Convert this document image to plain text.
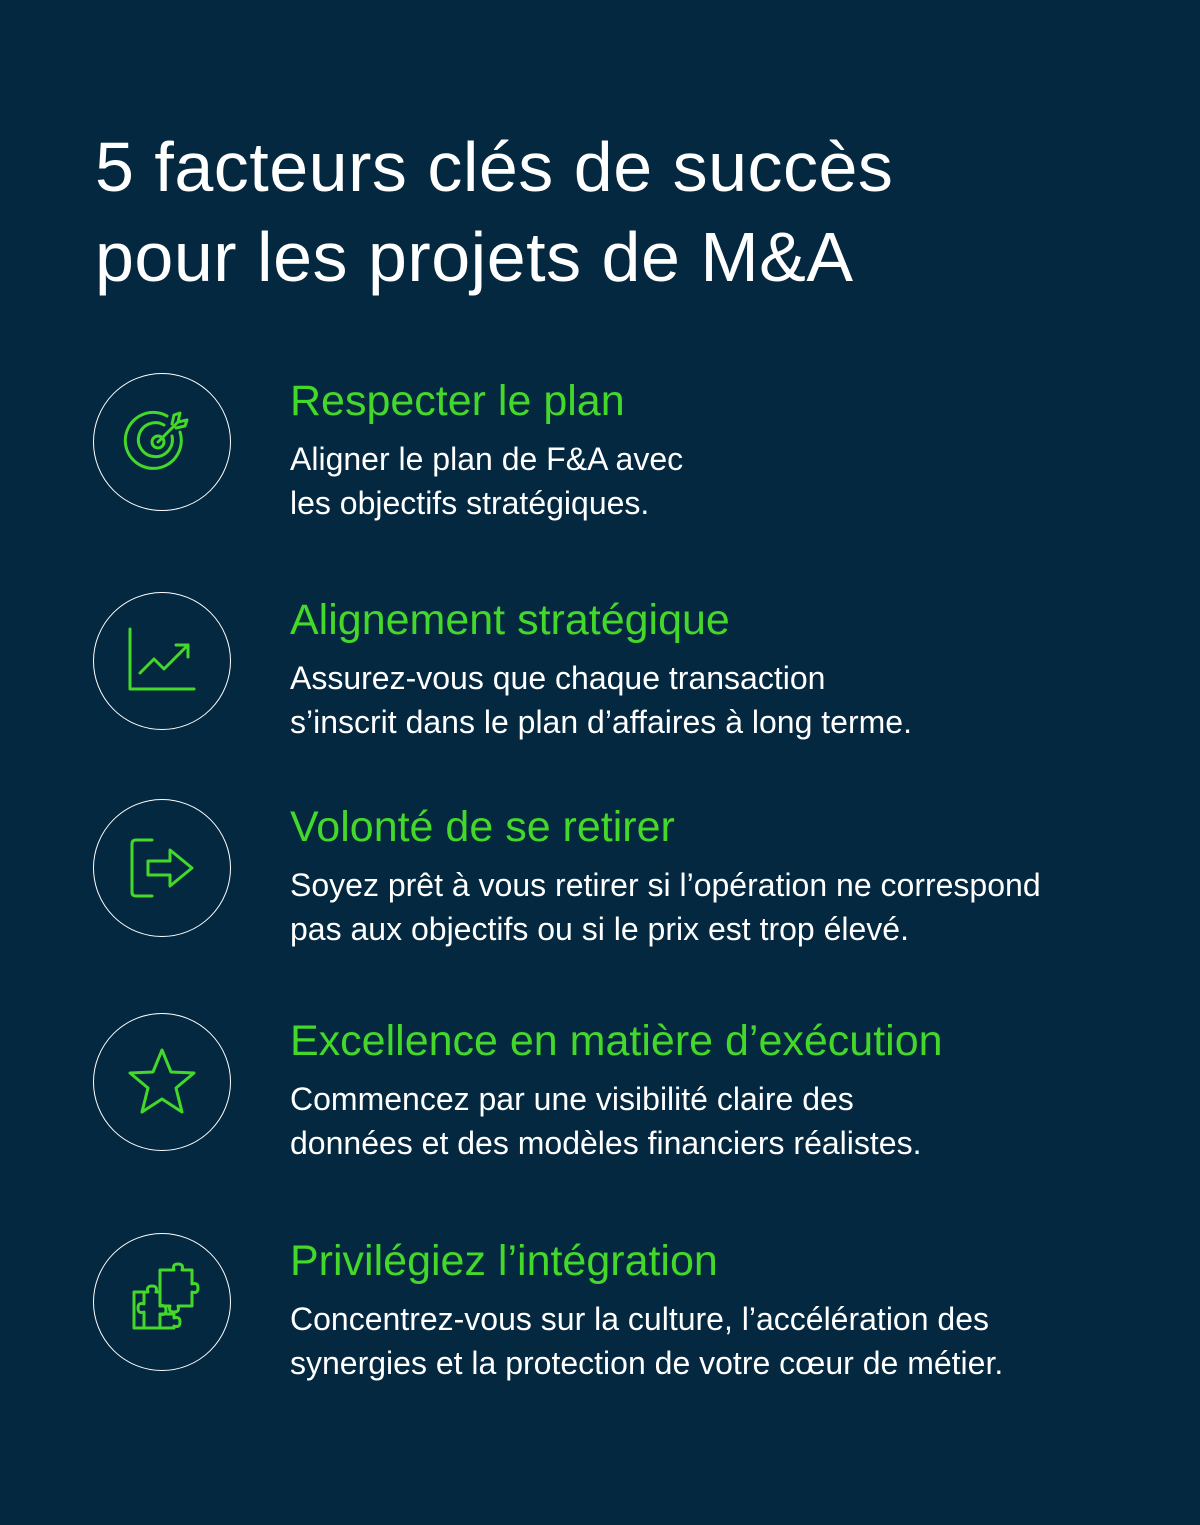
5 facteurs clés de succès
pour les projets de M&A
Respecter le plan

Aligner le plan de F&A avec
les objectifs stratégiques.

Alignement stratégique

Assurez-vous que chaque transaction
s’inscrit dans le plan d’affaires à long terme.

Volonté de se retirer

Soyez prêt à vous retirer si l’opération ne correspond
pas aux objectifs ou si le prix est trop élevé.

Excellence en matière d’exécution

Commencez par une visibilité claire des
données et des modèles financiers réalistes.

Privilégiez l’intégration

Concentrez-vous sur la culture, l’accélération des
synergies et la protection de votre cœur de métier.
